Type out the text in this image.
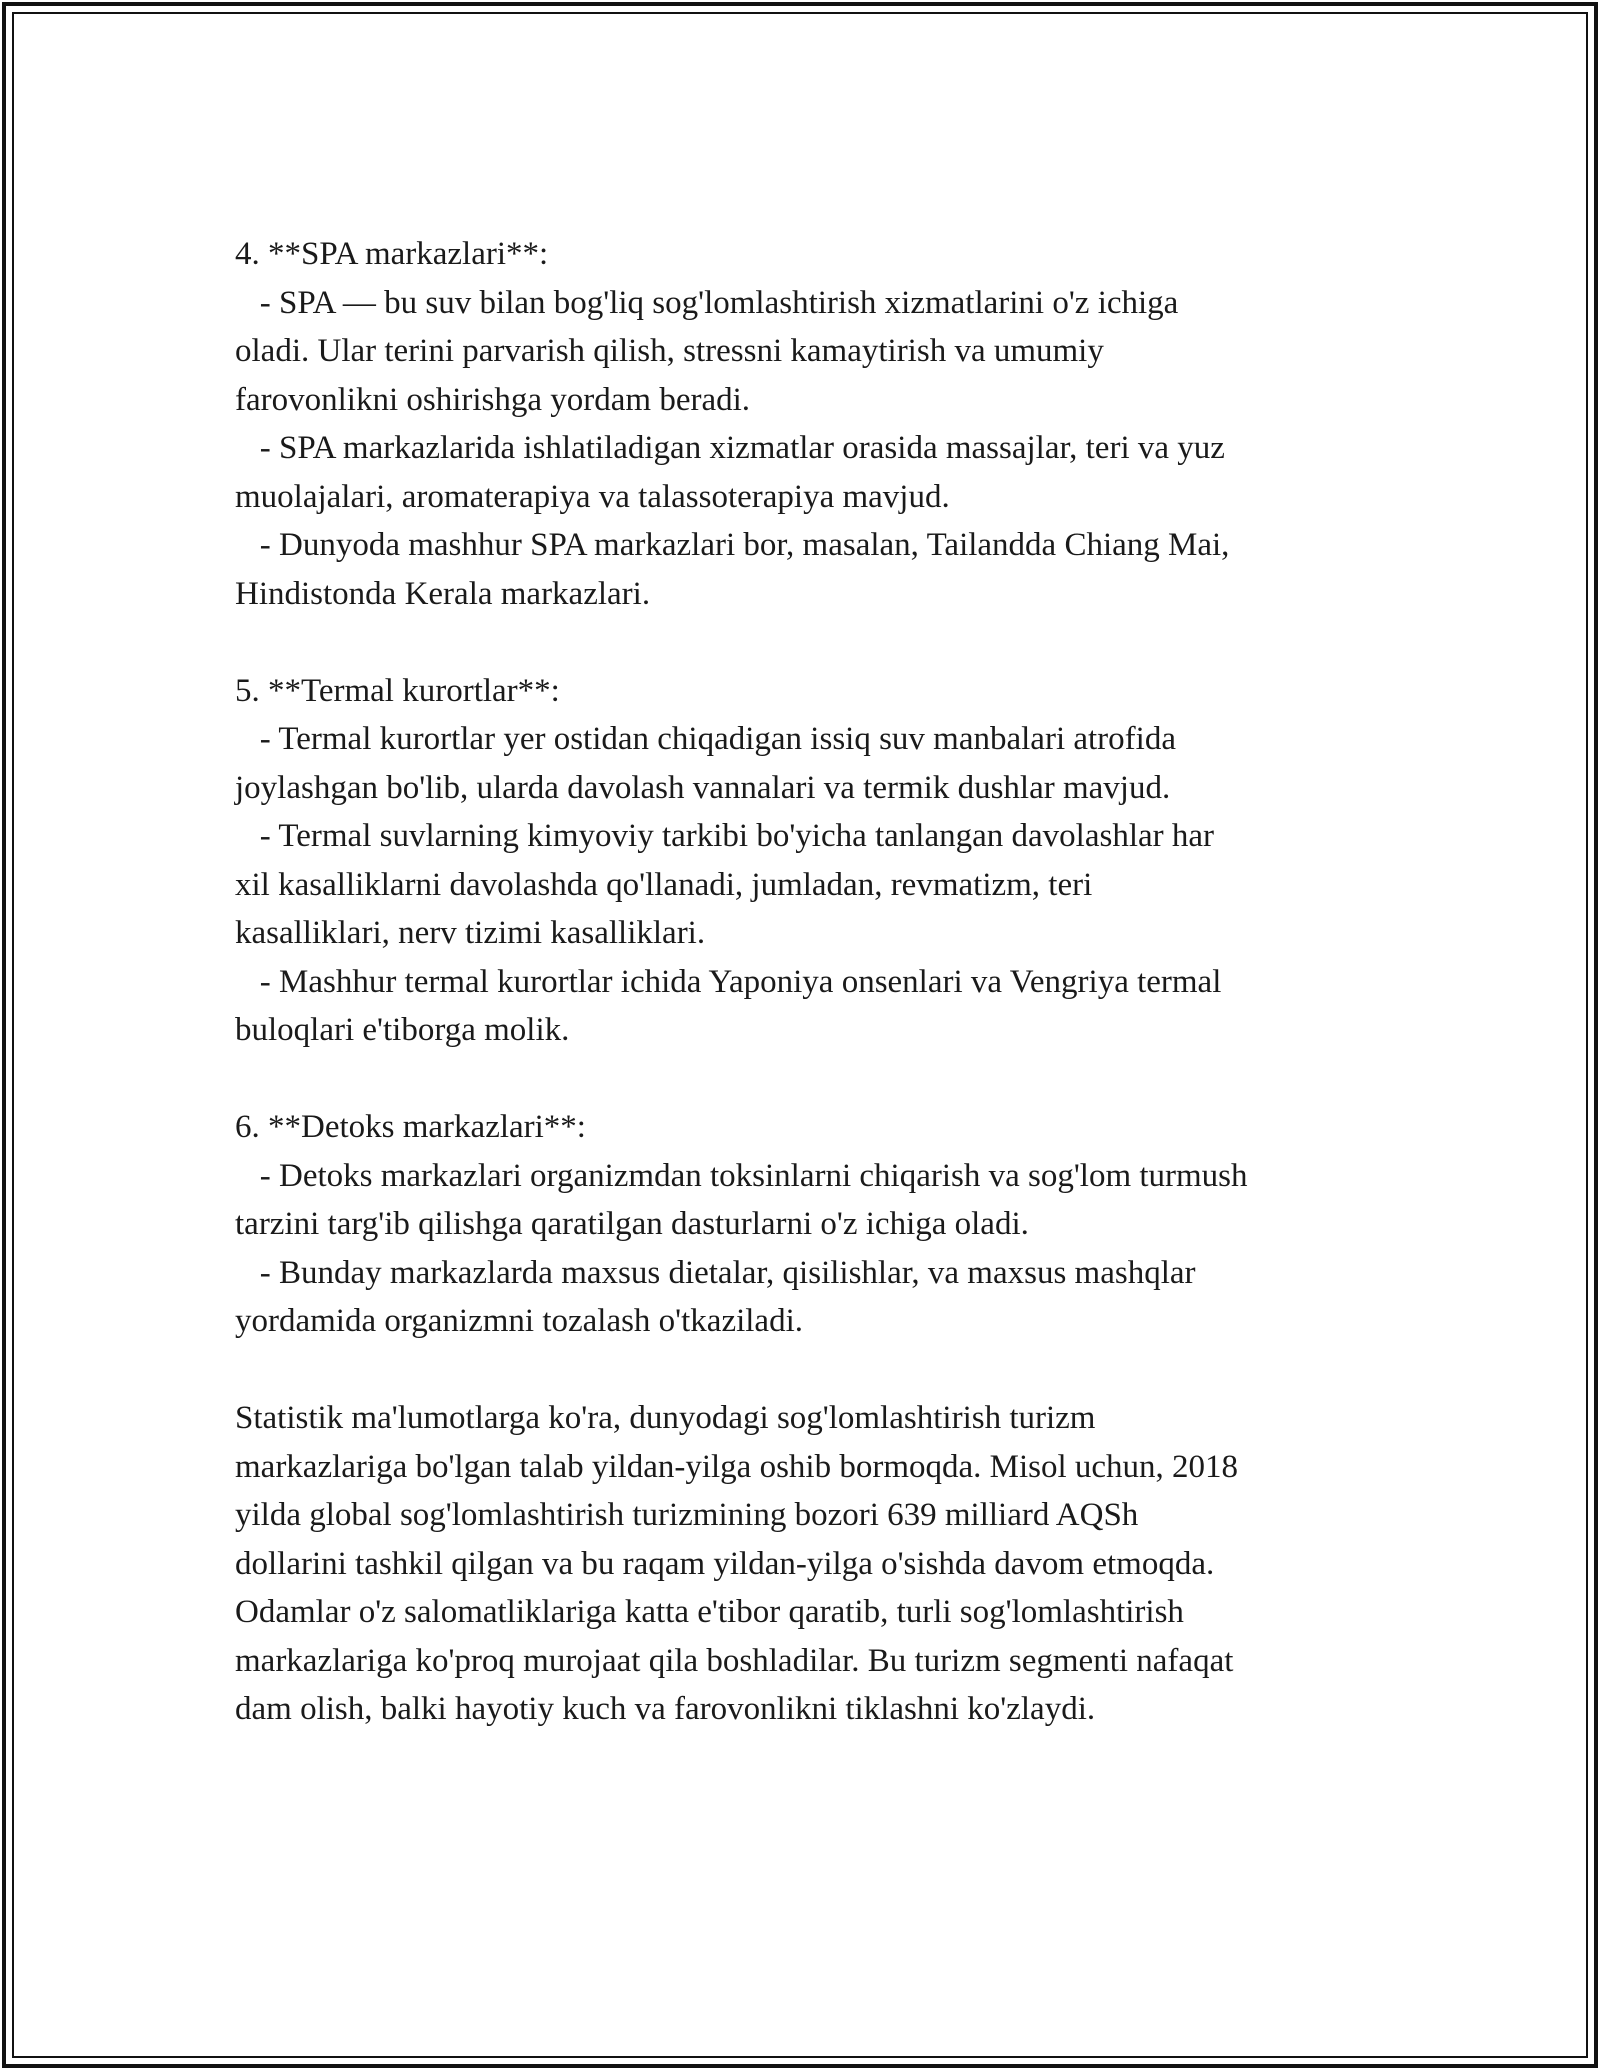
4. **SPA markazlari**:
- SPA — bu suv bilan bog'liq sog'lomlashtirish xizmatlarini o'z ichiga
oladi. Ular terini parvarish qilish, stressni kamaytirish va umumiy
farovonlikni oshirishga yordam beradi.
- SPA markazlarida ishlatiladigan xizmatlar orasida massajlar, teri va yuz
muolajalari, aromaterapiya va talassoterapiya mavjud.
- Dunyoda mashhur SPA markazlari bor, masalan, Tailandda Chiang Mai,
Hindistonda Kerala markazlari.
5. **Termal kurortlar**:
- Termal kurortlar yer ostidan chiqadigan issiq suv manbalari atrofida
joylashgan bo'lib, ularda davolash vannalari va termik dushlar mavjud.
- Termal suvlarning kimyoviy tarkibi bo'yicha tanlangan davolashlar har
xil kasalliklarni davolashda qo'llanadi, jumladan, revmatizm, teri
kasalliklari, nerv tizimi kasalliklari.
- Mashhur termal kurortlar ichida Yaponiya onsenlari va Vengriya termal
buloqlari e'tiborga molik.
6. **Detoks markazlari**:
- Detoks markazlari organizmdan toksinlarni chiqarish va sog'lom turmush
tarzini targ'ib qilishga qaratilgan dasturlarni o'z ichiga oladi.
- Bunday markazlarda maxsus dietalar, qisilishlar, va maxsus mashqlar
yordamida organizmni tozalash o'tkaziladi.
Statistik ma'lumotlarga ko'ra, dunyodagi sog'lomlashtirish turizm
markazlariga bo'lgan talab yildan-yilga oshib bormoqda. Misol uchun, 2018
yilda global sog'lomlashtirish turizmining bozori 639 milliard AQSh
dollarini tashkil qilgan va bu raqam yildan-yilga o'sishda davom etmoqda.
Odamlar o'z salomatliklariga katta e'tibor qaratib, turli sog'lomlashtirish
markazlariga ko'proq murojaat qila boshladilar. Bu turizm segmenti nafaqat
dam olish, balki hayotiy kuch va farovonlikni tiklashni ko'zlaydi.
